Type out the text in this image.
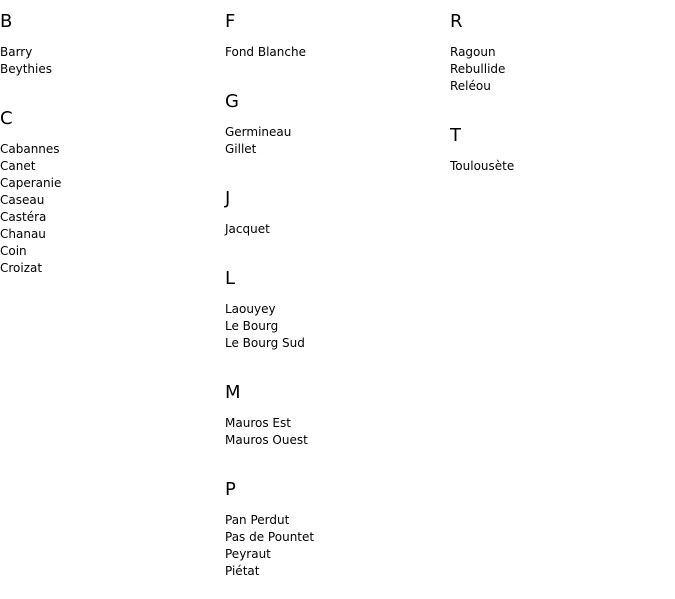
B
Barry
Beythies
C
Cabannes
Canet
Caperanie
Caseau
Castéra
Chanau
Coin
Croizat
F
Fond Blanche
G
Germineau
Gillet
J
Jacquet
L
Laouyey
Le Bourg
Le Bourg Sud
M
Mauros Est
Mauros Ouest
P
Pan Perdut
Pas de Pountet
Peyraut
Piétat
R
Ragoun
Rebullide
Reléou
T
Toulousète
